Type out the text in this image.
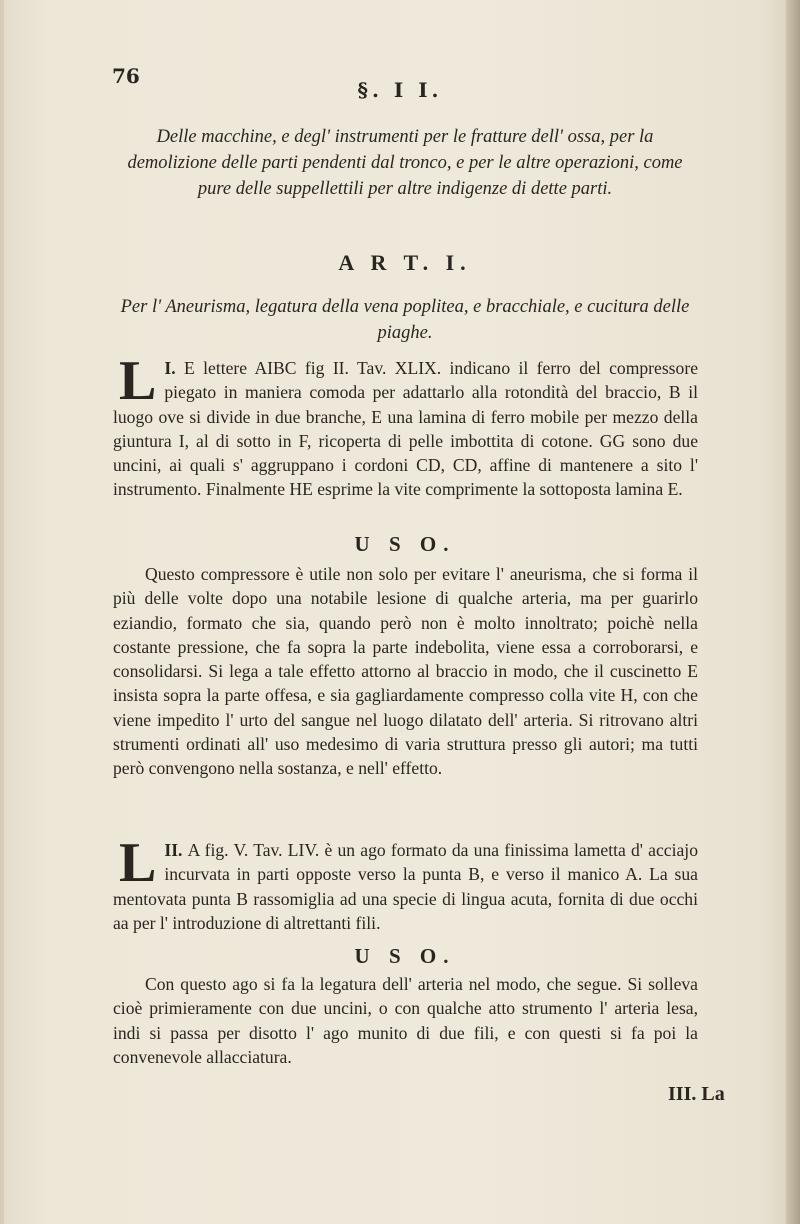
76
§. I I.
Delle macchine, e degl' instrumenti per le fratture dell' ossa, per la demolizione delle parti pendenti dal tronco, e per le altre operazioni, come pure delle suppellettili per altre indigenze di dette parti.
A R T. I.
Per l' Aneurisma, legatura della vena poplitea, e bracchiale, e cucitura delle piaghe.
I.
L E lettere AIBC fig II. Tav. XLIX. indicano il ferro del compressore piegato in maniera comoda per adattarlo alla rotondità del braccio, B il luogo ove si divide in due branche, E una lamina di ferro mobile per mezzo della giuntura I, al di sotto in F, ricoperta di pelle imbottita di cotone. GG sono due uncini, ai quali s' aggruppano i cordoni CD, CD, affine di mantenere a sito l' instrumento. Finalmente HE esprime la vite comprimente la sottoposta lamina E.
U S O.
Questo compressore è utile non solo per evitare l' aneurisma, che si forma il più delle volte dopo una notabile lesione di qualche arteria, ma per guarirlo eziandio, formato che sia, quando però non è molto innoltrato; poichè nella costante pressione, che fa sopra la parte indebolita, viene essa a corroborarsi, e consolidarsi. Si lega a tale effetto attorno al braccio in modo, che il cuscinetto E insista sopra la parte offesa, e sia gagliardamente compresso colla vite H, con che viene impedito l' urto del sangue nel luogo dilatato dell' arteria. Si ritrovano altri strumenti ordinati all' uso medesimo di varia struttura presso gli autori; ma tutti però convengono nella sostanza, e nell' effetto.
II.
L A fig. V. Tav. LIV. è un ago formato da una finissima lametta d' acciajo incurvata in parti opposte verso la punta B, e verso il manico A. La sua mentovata punta B rassomiglia ad una specie di lingua acuta, fornita di due occhi aa per l' introduzione di altrettanti fili.
U S O.
Con questo ago si fa la legatura dell' arteria nel modo, che segue. Si solleva cioè primieramente con due uncini, o con qualche atto strumento l' arteria lesa, indi si passa per disotto l' ago munito di due fili, e con questi si fa poi la convenevole allacciatura.
III. La
